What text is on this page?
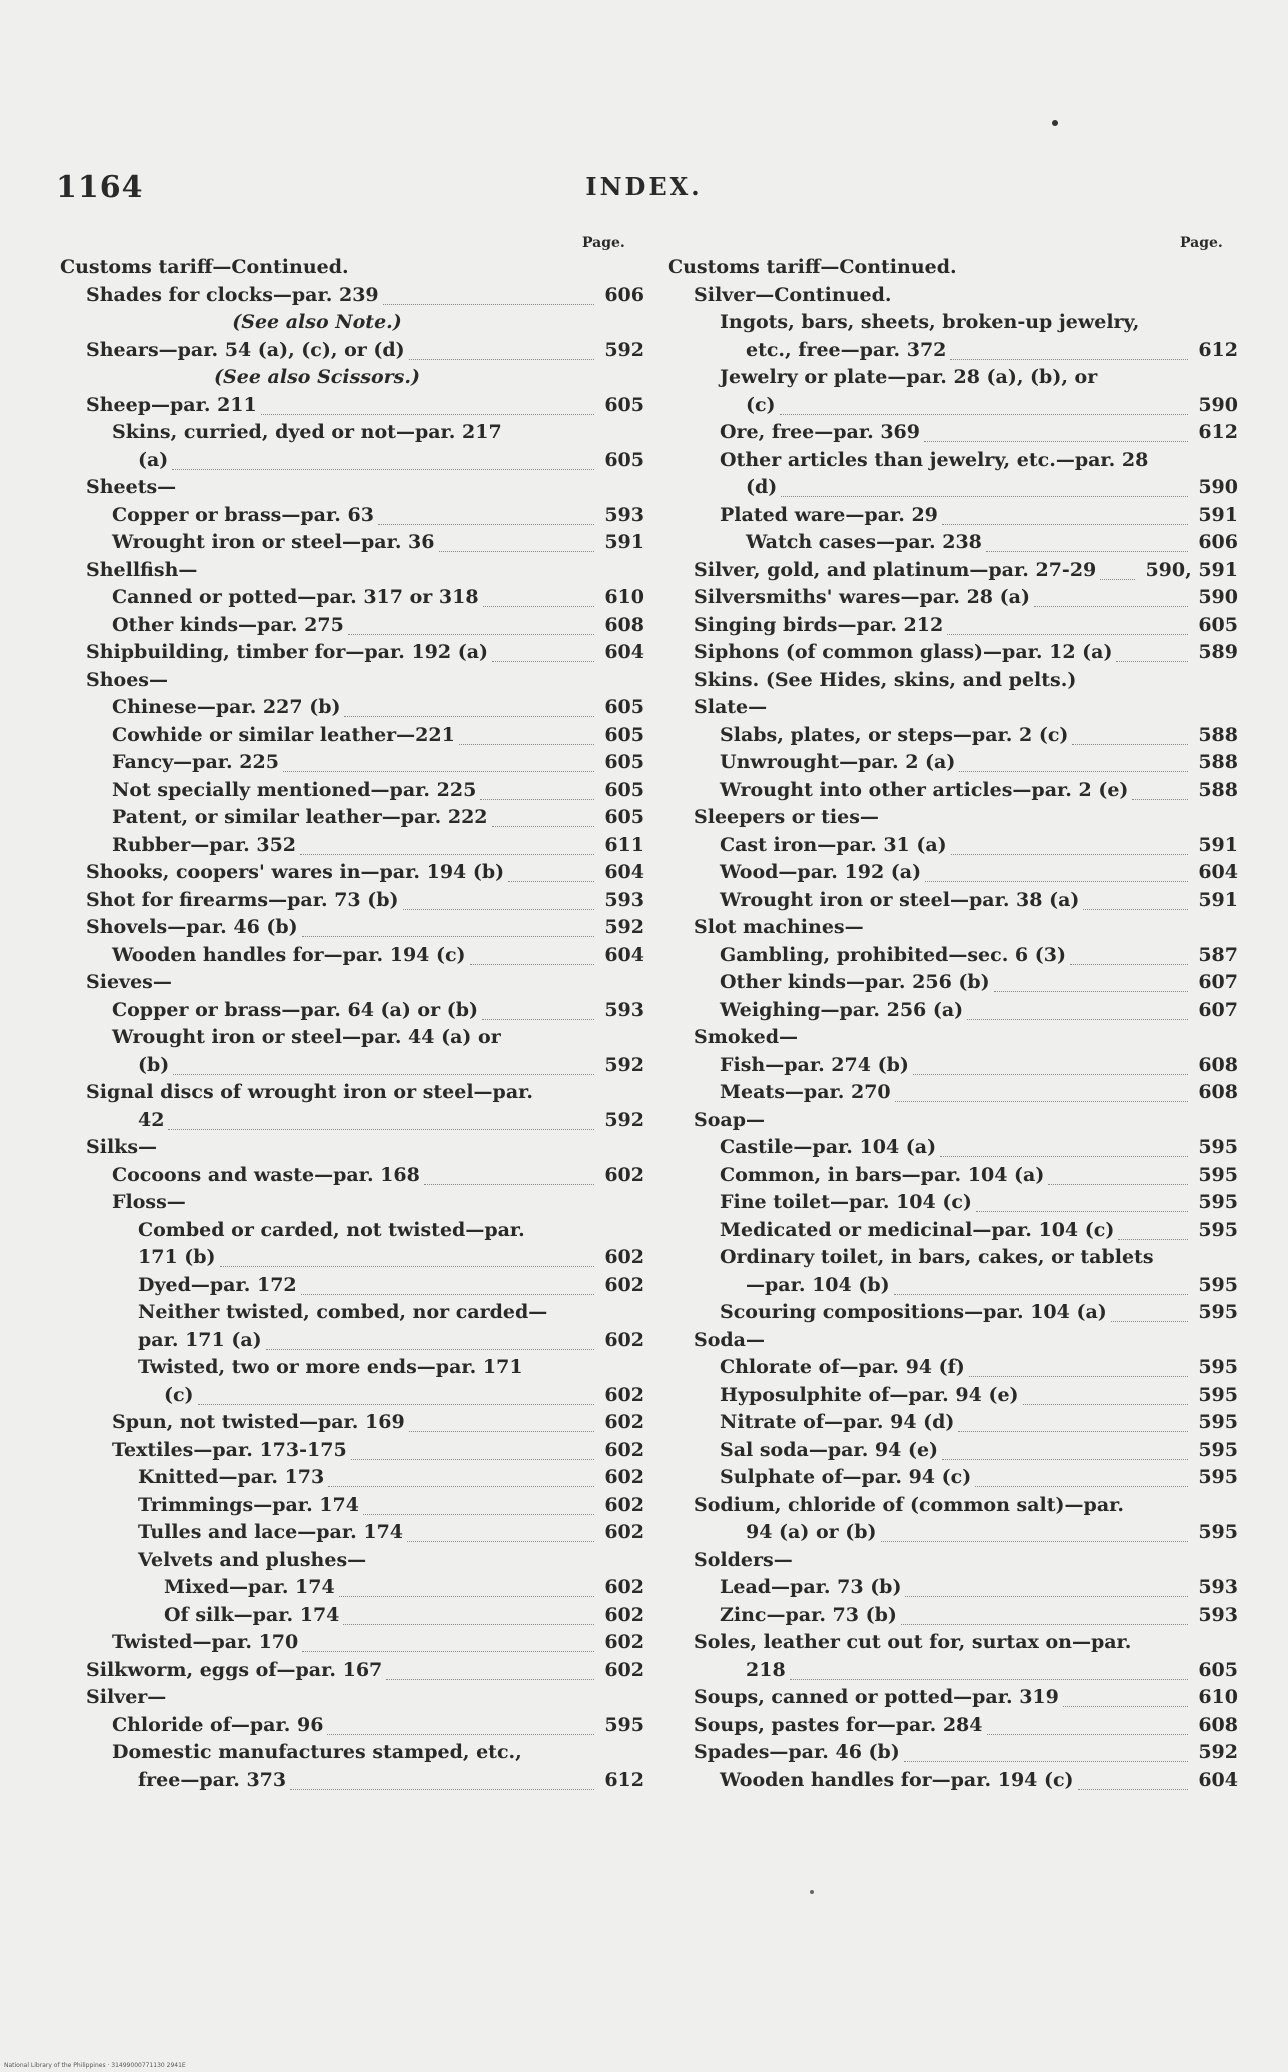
1164	INDEX.
Page.
Customs tariff—Continued.
Shades for clocks—par. 239	606
(See also Note.)
Shears—par. 54 (a), (c), or (d)	592
(See also Scissors.)
Sheep—par. 211	605
Skins, curried, dyed or not—par. 217
(a)	605
Sheets—
Copper or brass—par. 63	593
Wrought iron or steel—par. 36	591
Shellfish—
Canned or potted—par. 317 or 318	610
Other kinds—par. 275	608
Shipbuilding, timber for—par. 192 (a)	604
Shoes—
Chinese—par. 227 (b)	605
Cowhide or similar leather—221	605
Fancy—par. 225	605
Not specially mentioned—par. 225	605
Patent, or similar leather—par. 222	605
Rubber—par. 352	611
Shooks, coopers' wares in—par. 194 (b)	604
Shot for firearms—par. 73 (b)	593
Shovels—par. 46 (b)	592
Wooden handles for—par. 194 (c)	604
Sieves—
Copper or brass—par. 64 (a) or (b)	593
Wrought iron or steel—par. 44 (a) or
(b)	592
Signal discs of wrought iron or steel—par.
42	592
Silks—
Cocoons and waste—par. 168	602
Floss—
Combed or carded, not twisted—par.
171 (b)	602
Dyed—par. 172	602
Neither twisted, combed, nor carded—
par. 171 (a)	602
Twisted, two or more ends—par. 171
(c)	602
Spun, not twisted—par. 169	602
Textiles—par. 173-175	602
Knitted—par. 173	602
Trimmings—par. 174	602
Tulles and lace—par. 174	602
Velvets and plushes—
Mixed—par. 174	602
Of silk—par. 174	602
Twisted—par. 170	602
Silkworm, eggs of—par. 167	602
Silver—
Chloride of—par. 96	595
Domestic manufactures stamped, etc.,
free—par. 373	612
Page.
Customs tariff—Continued.
Silver—Continued.
Ingots, bars, sheets, broken-up jewelry,
etc., free—par. 372	612
Jewelry or plate—par. 28 (a), (b), or
(c)	590
Ore, free—par. 369	612
Other articles than jewelry, etc.—par. 28
(d)	590
Plated ware—par. 29	591
Watch cases—par. 238	606
Silver, gold, and platinum—par. 27-29	590, 591
Silversmiths' wares—par. 28 (a)	590
Singing birds—par. 212	605
Siphons (of common glass)—par. 12 (a)	589
Skins. (See Hides, skins, and pelts.)
Slate—
Slabs, plates, or steps—par. 2 (c)	588
Unwrought—par. 2 (a)	588
Wrought into other articles—par. 2 (e)	588
Sleepers or ties—
Cast iron—par. 31 (a)	591
Wood—par. 192 (a)	604
Wrought iron or steel—par. 38 (a)	591
Slot machines—
Gambling, prohibited—sec. 6 (3)	587
Other kinds—par. 256 (b)	607
Weighing—par. 256 (a)	607
Smoked—
Fish—par. 274 (b)	608
Meats—par. 270	608
Soap—
Castile—par. 104 (a)	595
Common, in bars—par. 104 (a)	595
Fine toilet—par. 104 (c)	595
Medicated or medicinal—par. 104 (c)	595
Ordinary toilet, in bars, cakes, or tablets
—par. 104 (b)	595
Scouring compositions—par. 104 (a)	595
Soda—
Chlorate of—par. 94 (f)	595
Hyposulphite of—par. 94 (e)	595
Nitrate of—par. 94 (d)	595
Sal soda—par. 94 (e)	595
Sulphate of—par. 94 (c)	595
Sodium, chloride of (common salt)—par.
94 (a) or (b)	595
Solders—
Lead—par. 73 (b)	593
Zinc—par. 73 (b)	593
Soles, leather cut out for, surtax on—par.
218	605
Soups, canned or potted—par. 319	610
Soups, pastes for—par. 284	608
Spades—par. 46 (b)	592
Wooden handles for—par. 194 (c)	604
National Library of the Philippines · 31499000771130 2941E
